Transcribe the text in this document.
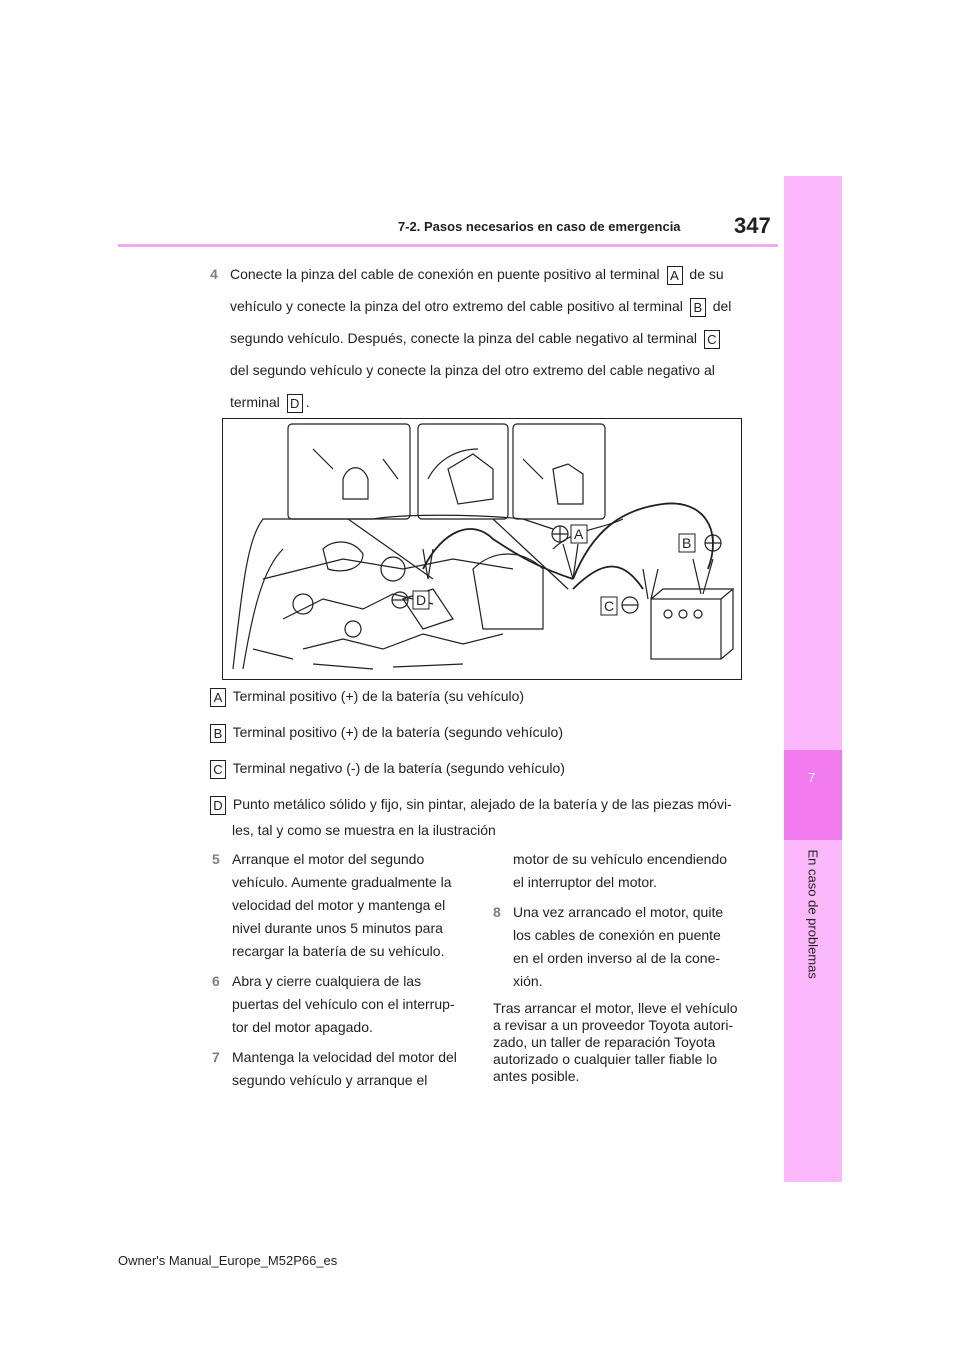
7-2. Pasos necesarios en caso de emergencia 347
7
En caso de problemas
4 Conecte la pinza del cable de conexión en puente positivo al terminal A de su
vehículo y conecte la pinza del otro extremo del cable positivo al terminal B del
segundo vehículo. Después, conecte la pinza del cable negativo al terminal C
del segundo vehículo y conecte la pinza del otro extremo del cable negativo al
terminal D .
A
B
C
D
A Terminal positivo (+) de la batería (su vehículo)
B Terminal positivo (+) de la batería (segundo vehículo)
C Terminal negativo (-) de la batería (segundo vehículo)
D Punto metálico sólido y fijo, sin pintar, alejado de la batería y de las piezas móvi-
les, tal y como se muestra en la ilustración
5 Arranque el motor del segundo
vehículo. Aumente gradualmente la
velocidad del motor y mantenga el
nivel durante unos 5 minutos para
recargar la batería de su vehículo.
6 Abra y cierre cualquiera de las
puertas del vehículo con el interrup-
tor del motor apagado.
7 Mantenga la velocidad del motor del
segundo vehículo y arranque el
motor de su vehículo encendiendo
el interruptor del motor.
8 Una vez arrancado el motor, quite
los cables de conexión en puente
en el orden inverso al de la cone-
xión.
Tras arrancar el motor, lleve el vehículo
a revisar a un proveedor Toyota autori-
zado, un taller de reparación Toyota
autorizado o cualquier taller fiable lo
antes posible.
Owner's Manual_Europe_M52P66_es
